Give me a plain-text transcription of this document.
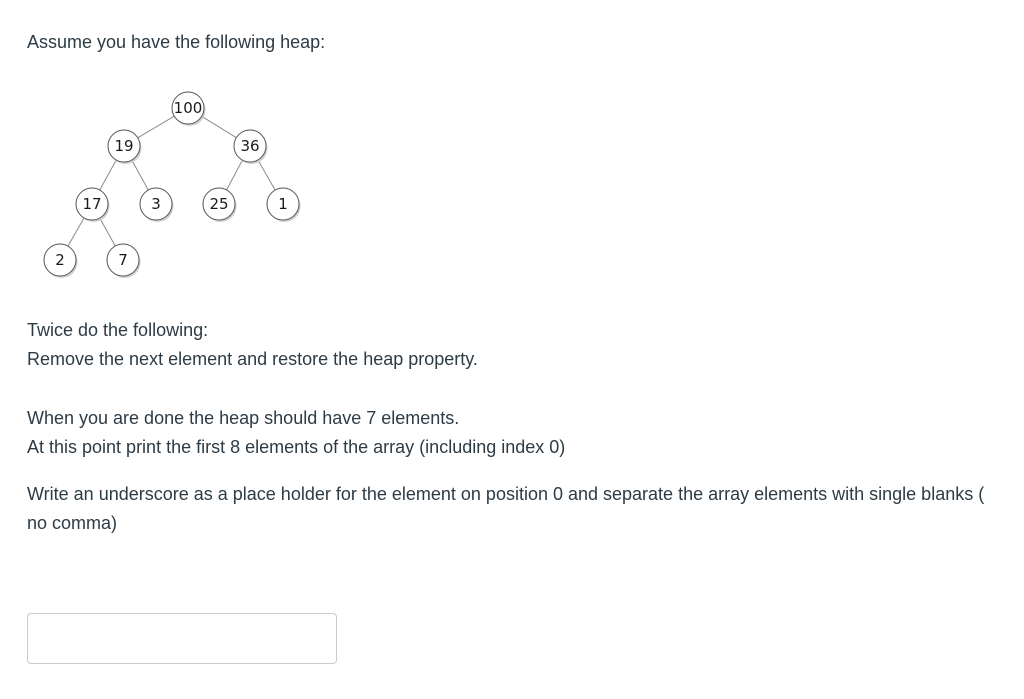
Assume you have the following heap:

100
19	36
17	3	25	1
2	7

Twice do the following:

Remove the next element and restore the heap property.

When you are done the heap should have 7 elements.

At this point print the first 8 elements of the array (including index 0)

Write an underscore as a place holder for the element on position 0 and separate the array elements with single blanks ( no comma)
